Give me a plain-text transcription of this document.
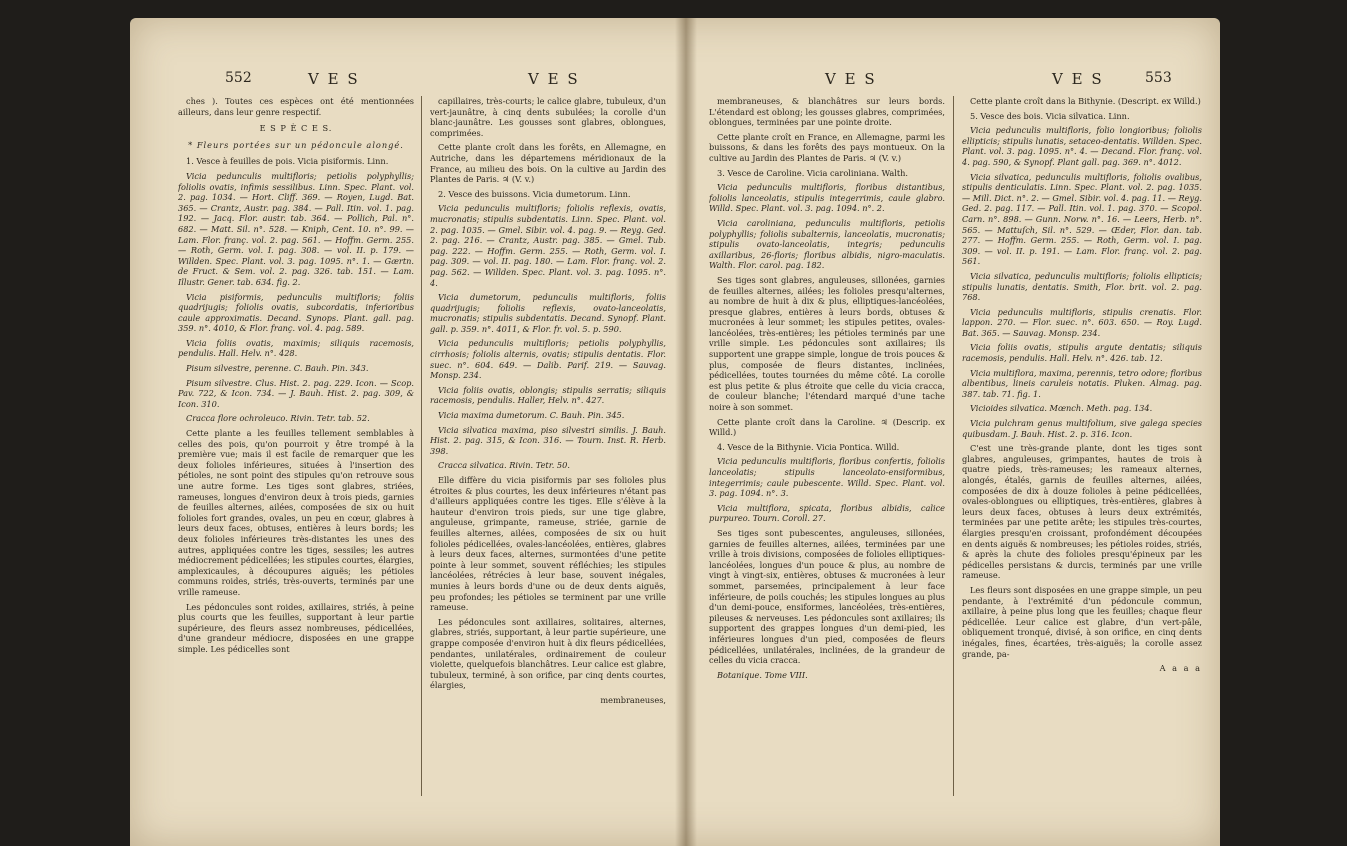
552	V E S	V E S

ches ). Toutes ces espèces ont été mentionnées ailleurs, dans leur genre respectif.

E S P È C E S.

* Fleurs portées sur un pédoncule alongé.

1. Vesce à feuilles de pois. Vicia pisiformis. Linn.

Vicia pedunculis multifloris; petiolis polyphyllis; foliolis ovatis, infimis sessilibus. Linn. Spec. Plant. vol. 2. pag. 1034. — Hort. Cliff. 369. — Royen, Lugd. Bat. 365. — Crantz, Austr. pag. 384. — Pall. Itin. vol. 1. pag. 192. — Jacq. Flor. austr. tab. 364. — Pollich, Pal. n°. 682. — Matt. Sil. n°. 528. — Kniph, Cent. 10. n°. 99. — Lam. Flor. franç. vol. 2. pag. 561. — Hoffm. Germ. 255. — Roth, Germ. vol. I. pag. 308. — vol. II. p. 179. — Willden. Spec. Plant. vol. 3. pag. 1095. n°. 1. — Gærtn. de Fruct. & Sem. vol. 2. pag. 326. tab. 151. — Lam. Illustr. Gener. tab. 634. fig. 2.

Vicia pisiformis, pedunculis multifloris; foliis quadrijugis; foliolis ovatis, subcordatis, inferioribus caule approximatis. Decand. Synops. Plant. gall. pag. 359. n°. 4010, & Flor. franç. vol. 4. pag. 589.

Vicia foliis ovatis, maximis; siliquis racemosis, pendulis. Hall. Helv. n°. 428.

Pisum silvestre, perenne. C. Bauh. Pin. 343.

Pisum silvestre. Clus. Hist. 2. pag. 229. Icon. — Scop. Pav. 722, & Icon. 734. — J. Bauh. Hist. 2. pag. 309, & Icon. 310.

Cracca flore ochroleuco. Rivin. Tetr. tab. 52.

Cette plante a les feuilles tellement semblables à celles des pois, qu'on pourroit y être trompé à la première vue; mais il est facile de remarquer que les deux folioles inférieures, situées à l'insertion des pétioles, ne sont point des stipules qu'on retrouve sous une autre forme. Les tiges sont glabres, striées, rameuses, longues d'environ deux à trois pieds, garnies de feuilles alternes, ailées, composées de six ou huit folioles fort grandes, ovales, un peu en cœur, glabres à leurs deux faces, obtuses, entières à leurs bords; les deux folioles inférieures très-distantes les unes des autres, appliquées contre les tiges, sessiles; les autres médiocrement pédicellées; les stipules courtes, élargies, amplexicaules, à découpures aiguës; les pétioles communs roides, striés, très-ouverts, terminés par une vrille rameuse.

Les pédoncules sont roides, axillaires, striés, à peine plus courts que les feuilles, supportant à leur partie supérieure, des fleurs assez nombreuses, pédicellées, d'une grandeur médiocre, disposées en une grappe simple. Les pédicelles sont

capillaires, très-courts; le calice glabre, tubuleux, d'un vert-jaunâtre, à cinq dents subulées; la corolle d'un blanc-jaunâtre. Les gousses sont glabres, oblongues, comprimées.

Cette plante croît dans les forêts, en Allemagne, en Autriche, dans les départemens méridionaux de la France, au milieu des bois. On la cultive au Jardin des Plantes de Paris. ♃ (V. v.)

2. Vesce des buissons. Vicia dumetorum. Linn.

Vicia pedunculis multifloris; foliolis reflexis, ovatis, mucronatis; stipulis subdentatis. Linn. Spec. Plant. vol. 2. pag. 1035. — Gmel. Sibir. vol. 4. pag. 9. — Reyg. Ged. 2. pag. 216. — Crantz, Austr. pag. 385. — Gmel. Tub. pag. 222. — Hoffm. Germ. 255. — Roth, Germ. vol. I. pag. 309. — vol. II. pag. 180. — Lam. Flor. franç. vol. 2. pag. 562. — Willden. Spec. Plant. vol. 3. pag. 1095. n°. 4.

Vicia dumetorum, pedunculis multifloris, foliis quadrijugis; foliolis reflexis, ovato-lanceolatis, mucronatis; stipulis subdentatis. Decand. Synopf. Plant. gall. p. 359. n°. 4011, & Flor. fr. vol. 5. p. 590.

Vicia pedunculis multifloris; petiolis polyphyllis, cirrhosis; foliolis alternis, ovatis; stipulis dentatis. Flor. suec. n°. 604. 649. — Dalib. Parif. 219. — Sauvag. Monsp. 234.

Vicia foliis ovatis, oblongis; stipulis serratis; siliquis racemosis, pendulis. Haller, Helv. n°. 427.

Vicia maxima dumetorum. C. Bauh. Pin. 345.

Vicia silvatica maxima, piso silvestri similis. J. Bauh. Hist. 2. pag. 315, & Icon. 316. — Tourn. Inst. R. Herb. 398.

Cracca silvatica. Rivin. Tetr. 50.

Elle diffère du vicia pisiformis par ses folioles plus étroites & plus courtes, les deux inférieures n'étant pas d'ailleurs appliquées contre les tiges. Elle s'élève à la hauteur d'environ trois pieds, sur une tige glabre, anguleuse, grimpante, rameuse, striée, garnie de feuilles alternes, ailées, composées de six ou huit folioles pédicellées, ovales-lancéolées, entières, glabres à leurs deux faces, alternes, surmontées d'une petite pointe à leur sommet, souvent réfléchies; les stipules lancéolées, rétrécies à leur base, souvent inégales, munies à leurs bords d'une ou de deux dents aiguës, peu profondes; les pétioles se terminent par une vrille rameuse.

Les pédoncules sont axillaires, solitaires, alternes, glabres, striés, supportant, à leur partie supérieure, une grappe composée d'environ huit à dix fleurs pédicellées, pendantes, unilatérales, ordinairement de couleur violette, quelquefois blanchâtres. Leur calice est glabre, tubuleux, terminé, à son orifice, par cinq dents courtes, élargies,

membraneuses,

V E S	V E S	553

membraneuses, & blanchâtres sur leurs bords. L'étendard est oblong; les gousses glabres, comprimées, oblongues, terminées par une pointe droite.

Cette plante croît en France, en Allemagne, parmi les buissons, & dans les forêts des pays montueux. On la cultive au Jardin des Plantes de Paris. ♃ (V. v.)

3. Vesce de Caroline. Vicia caroliniana. Walth.

Vicia pedunculis multifloris, floribus distantibus, foliolis lanceolatis, stipulis integerrimis, caule glabro. Willd. Spec. Plant. vol. 3. pag. 1094. n°. 2.

Vicia caroliniana, pedunculis multifloris, petiolis polyphyllis; foliolis subalternis, lanceolatis, mucronatis; stipulis ovato-lanceolatis, integris; pedunculis axillaribus, 26-floris; floribus albidis, nigro-maculatis. Walth. Flor. carol. pag. 182.

Ses tiges sont glabres, anguleuses, sillonées, garnies de feuilles alternes, ailées; les folioles presqu'alternes, au nombre de huit à dix & plus, elliptiques-lancéolées, presque glabres, entières à leurs bords, obtuses & mucronées à leur sommet; les stipules petites, ovales-lancéolées, très-entières; les pétioles terminés par une vrille simple. Les pédoncules sont axillaires; ils supportent une grappe simple, longue de trois pouces & plus, composée de fleurs distantes, inclinées, pédicellées, toutes tournées du même côté. La corolle est plus petite & plus étroite que celle du vicia cracca, de couleur blanche; l'étendard marqué d'une tache noire à son sommet.

Cette plante croît dans la Caroline. ♃ (Descrip. ex Willd.)

4. Vesce de la Bithynie. Vicia Pontica. Willd.

Vicia pedunculis multifloris, floribus confertis, foliolis lanceolatis; stipulis lanceolato-ensiformibus, integerrimis; caule pubescente. Willd. Spec. Plant. vol. 3. pag. 1094. n°. 3.

Vicia multiflora, spicata, floribus albidis, calice purpureo. Tourn. Coroll. 27.

Ses tiges sont pubescentes, anguleuses, sillonées, garnies de feuilles alternes, ailées, terminées par une vrille à trois divisions, composées de folioles elliptiques-lancéolées, longues d'un pouce & plus, au nombre de vingt à vingt-six, entières, obtuses & mucronées à leur sommet, parsemées, principalement à leur face inférieure, de poils couchés; les stipules longues au plus d'un demi-pouce, ensiformes, lancéolées, très-entières, pileuses & nerveuses. Les pédoncules sont axillaires; ils supportent des grappes longues d'un demi-pied, les inférieures longues d'un pied, composées de fleurs pédicellées, unilatérales, inclinées, de la grandeur de celles du vicia cracca.

Botanique. Tome VIII.

Cette plante croît dans la Bithynie. (Descript. ex Willd.)

5. Vesce des bois. Vicia silvatica. Linn.

Vicia pedunculis multifloris, folio longioribus; foliolis ellipticis; stipulis lunatis, setaceo-dentatis. Willden. Spec. Plant. vol. 3. pag. 1095. n°. 4. — Decand. Flor. franç. vol. 4. pag. 590, & Synopf. Plant gall. pag. 369. n°. 4012.

Vicia silvatica, pedunculis multifloris, foliolis ovalibus, stipulis denticulatis. Linn. Spec. Plant. vol. 2. pag. 1035. — Mill. Dict. n°. 2. — Gmel. Sibir. vol. 4. pag. 11. — Reyg. Ged. 2. pag. 117. — Pall. Itin. vol. 1. pag. 370. — Scopol. Carn. n°. 898. — Gunn. Norw. n°. 16. — Leers, Herb. n°. 565. — Mattuſch, Sil. n°. 529. — Œder, Flor. dan. tab. 277. — Hoffm. Germ. 255. — Roth, Germ. vol. I. pag. 309. — vol. II. p. 191. — Lam. Flor. franç. vol. 2. pag. 561.

Vicia silvatica, pedunculis multifloris; foliolis ellipticis; stipulis lunatis, dentatis. Smith, Flor. brit. vol. 2. pag. 768.

Vicia pedunculis multifloris, stipulis crenatis. Flor. lappon. 270. — Flor. suec. n°. 603. 650. — Roy. Lugd. Bat. 365. — Sauvag. Monsp. 234.

Vicia foliis ovatis, stipulis argute dentatis; siliquis racemosis, pendulis. Hall. Helv. n°. 426. tab. 12.

Vicia multiflora, maxima, perennis, tetro odore; floribus albentibus, lineis caruleis notatis. Pluken. Almag. pag. 387. tab. 71. fig. 1.

Vicioides silvatica. Mœnch. Meth. pag. 134.

Vicia pulchram genus multifolium, sive galega species quibusdam. J. Bauh. Hist. 2. p. 316. Icon.

C'est une très-grande plante, dont les tiges sont glabres, anguleuses, grimpantes, hautes de trois à quatre pieds, très-rameuses; les rameaux alternes, alongés, étalés, garnis de feuilles alternes, ailées, composées de dix à douze folioles à peine pédicellées, ovales-oblongues ou elliptiques, très-entières, glabres à leurs deux faces, obtuses à leurs deux extrémités, terminées par une petite arête; les stipules très-courtes, élargies presqu'en croissant, profondément découpées en dents aiguës & nombreuses; les pétioles roides, striés, & après la chute des folioles presqu'épineux par les pédicelles persistans & durcis, terminés par une vrille rameuse.

Les fleurs sont disposées en une grappe simple, un peu pendante, à l'extrémité d'un pédoncule commun, axillaire, à peine plus long que les feuilles; chaque fleur pédicellée. Leur calice est glabre, d'un vert-pâle, obliquement tronqué, divisé, à son orifice, en cinq dents inégales, fines, écartées, très-aiguës; la corolle assez grande, pa-

A a a a
